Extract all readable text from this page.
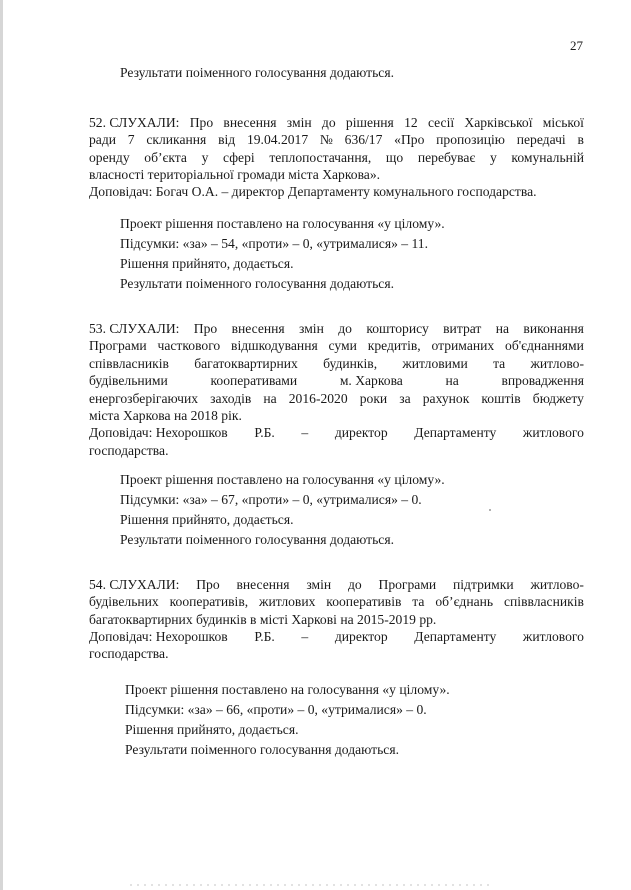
27
Результати поіменного голосування додаються.
52. СЛУХАЛИ: Про внесення змін до рішення 12 сесії Харківської міської
ради 7 скликання від 19.04.2017 № 636/17 «Про пропозицію передачі в
оренду об’єкта у сфері теплопостачання, що перебуває у комунальній
власності територіальної громади міста Харкова».
Доповідач: Богач О.А. – директор Департаменту комунального господарства.
Проект рішення поставлено на голосування «у цілому».
Підсумки: «за» – 54, «проти» – 0, «утрималися» – 11.
Рішення прийнято, додається.
Результати поіменного голосування додаються.
53. СЛУХАЛИ: Про внесення змін до кошторису витрат на виконання
Програми часткового відшкодування суми кредитів, отриманих об'єднаннями
співвласників багатоквартирних будинків, житловими та житлово-
будівельними	кооперативами	м. Харкова	на	впровадження
енергозберігаючих заходів на 2016-2020 роки за рахунок коштів бюджету
міста Харкова на 2018 рік.
Доповідач: Нехорошков Р.Б. – директор Департаменту житлового
господарства.
Проект рішення поставлено на голосування «у цілому».
Підсумки: «за» – 67, «проти» – 0, «утрималися» – 0.
Рішення прийнято, додається.
Результати поіменного голосування додаються.
54. СЛУХАЛИ: Про внесення змін до Програми підтримки житлово-
будівельних кооперативів, житлових кооперативів та об’єднань співвласників
багатоквартирних будинків в місті Харкові на 2015-2019 рр.
Доповідач: Нехорошков Р.Б. – директор Департаменту житлового
господарства.
Проект рішення поставлено на голосування «у цілому».
Підсумки: «за» – 66, «проти» – 0, «утрималися» – 0.
Рішення прийнято, додається.
Результати поіменного голосування додаються.
